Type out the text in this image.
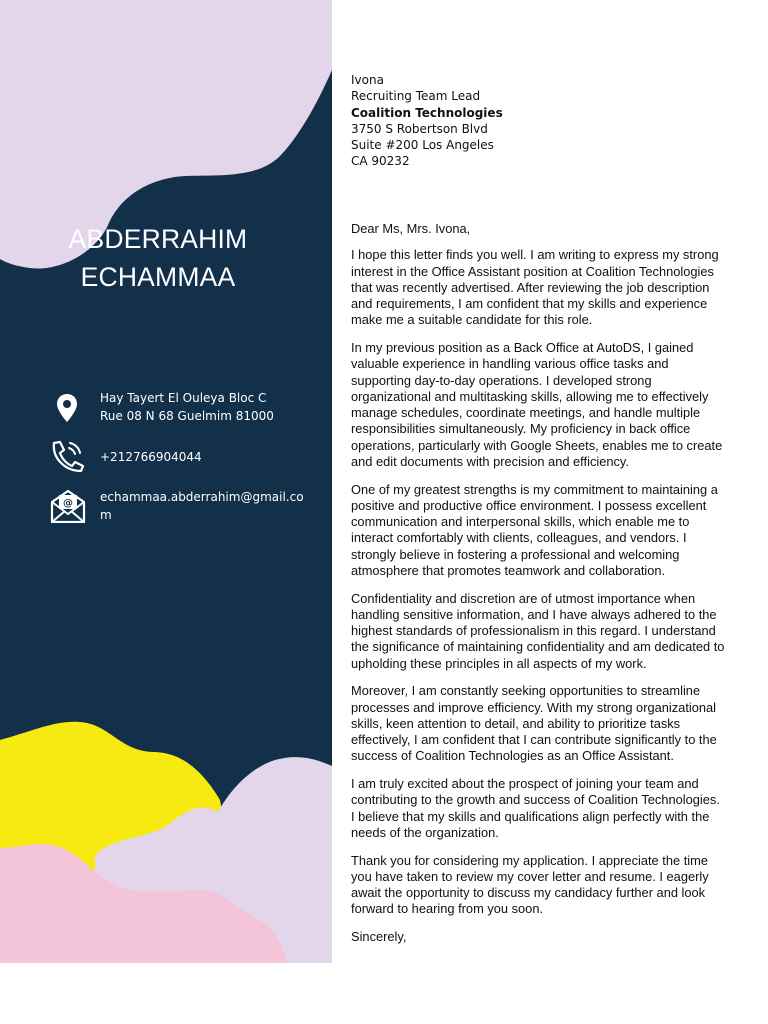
ABDERRAHIM
ECHAMMAA
Hay Tayert El Ouleya Bloc C
Rue 08 N 68 Guelmim 81000
+212766904044
@ echammaa.abderrahim@gmail.co
m
Ivona
Recruiting Team Lead
Coalition Technologies
3750 S Robertson Blvd
Suite #200 Los Angeles
CA 90232

Dear Ms, Mrs. Ivona,

I hope this letter finds you well. I am writing to express my strong interest in the Office Assistant position at Coalition Technologies that was recently advertised. After reviewing the job description and requirements, I am confident that my skills and experience make me a suitable candidate for this role.

In my previous position as a Back Office at AutoDS, I gained valuable experience in handling various office tasks and supporting day-to-day operations. I developed strong organizational and multitasking skills, allowing me to effectively manage schedules, coordinate meetings, and handle multiple responsibilities simultaneously. My proficiency in back office operations, particularly with Google Sheets, enables me to create and edit documents with precision and efficiency.

One of my greatest strengths is my commitment to maintaining a positive and productive office environment. I possess excellent communication and interpersonal skills, which enable me to interact comfortably with clients, colleagues, and vendors. I strongly believe in fostering a professional and welcoming atmosphere that promotes teamwork and collaboration.

Confidentiality and discretion are of utmost importance when handling sensitive information, and I have always adhered to the highest standards of professionalism in this regard. I understand the significance of maintaining confidentiality and am dedicated to upholding these principles in all aspects of my work.

Moreover, I am constantly seeking opportunities to streamline processes and improve efficiency. With my strong organizational skills, keen attention to detail, and ability to prioritize tasks effectively, I am confident that I can contribute significantly to the success of Coalition Technologies as an Office Assistant.

I am truly excited about the prospect of joining your team and contributing to the growth and success of Coalition Technologies. I believe that my skills and qualifications align perfectly with the needs of the organization.

Thank you for considering my application. I appreciate the time you have taken to review my cover letter and resume. I eagerly await the opportunity to discuss my candidacy further and look forward to hearing from you soon.

Sincerely,
